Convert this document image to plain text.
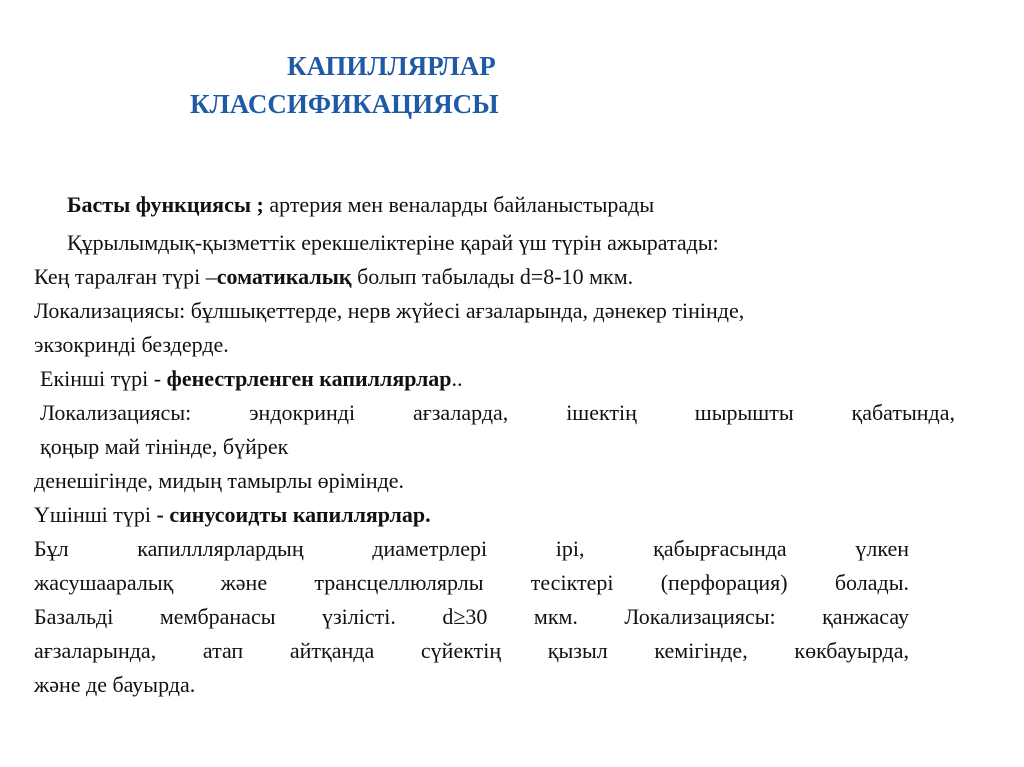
КАПИЛЛЯРЛАР
КЛАССИФИКАЦИЯСЫ
Басты функциясы ; артерия мен веналарды байланыстырады
Құрылымдық-қызметтік ерекшеліктеріне қарай үш түрін ажыратады:
Кең таралған түрі –соматикалық болып табылады d=8-10 мкм.
Локализациясы: бұлшықеттерде, нерв жүйесі ағзаларында, дәнекер тінінде,
экзокринді бездерде.
Екінші түрі - фенестрленген капиллярлар..
Локализациясы: эндокринді ағзаларда, ішектің шырышты қабатында,
қоңыр май тінінде, бүйрек
денешігінде, мидың тамырлы өрімінде.
Үшінші түрі - синусоидты капиллярлар.
Бұл капилллярлардың диаметрлері ірі, қабырғасында үлкен
жасушааралық және трансцеллюлярлы тесіктері (перфорация) болады.
Базальді мембранасы үзілісті. d≥30 мкм. Локализациясы: қанжасау
ағзаларында, атап айтқанда сүйектің қызыл кемігінде, көкбауырда,
және де бауырда.
